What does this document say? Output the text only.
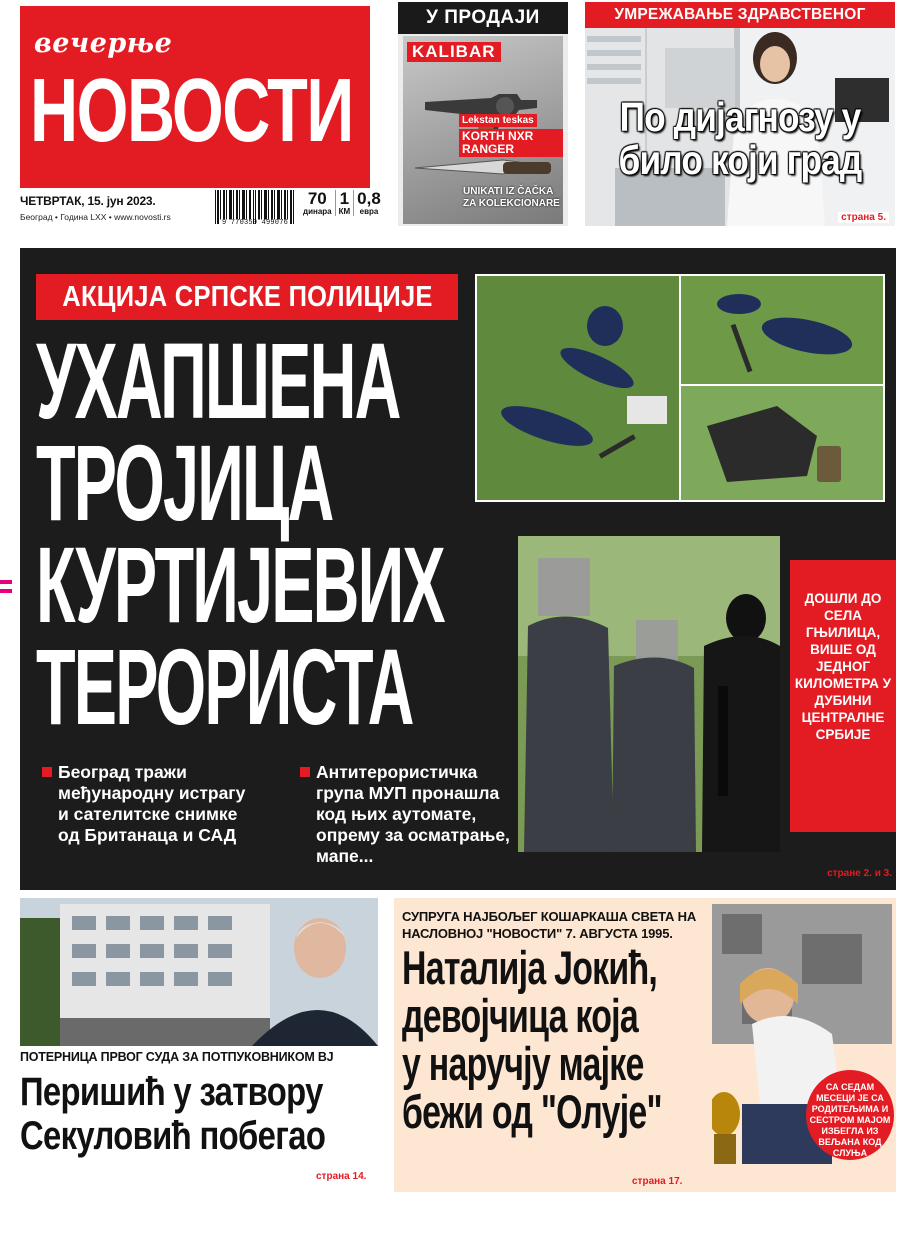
вечерње
НОВОСТИ
ЧЕТВРТАК, 15. јун 2023.
Београд • Година LXX • www.novosti.rs
9 770350 499076
70
динара
1
КМ
0,8
евра
У ПРОДАЈИ
KALIBAR
Lekstan teskas
KORTH NXR RANGER
UNIKATI IZ ČAČKA ZA KOLEKCIONARE
УМРЕЖАВАЊЕ ЗДРАВСТВЕНОГ
По дијагнозу у
било који град
страна 5.
АКЦИЈА СРПСКЕ ПОЛИЦИЈЕ
УХАПШЕНА
ТРОЈИЦА
КУРТИЈЕВИХ
ТЕРОРИСТА
ДОШЛИ ДО СЕЛА ГЊИЛИЦА, ВИШЕ ОД ЈЕДНОГ КИЛОМЕТРА У ДУБИНИ ЦЕНТРАЛНЕ СРБИЈЕ
Београд тражи међународну истрагу и сателитске снимке од Британаца и САД
Антитерористичка група МУП пронашла код њих аутомате, опрему за осматрање, мапе...
стране 2. и 3.
ПОТЕРНИЦА ПРВОГ СУДА ЗА ПОТПУКОВНИКОМ ВЈ
Перишић у затвору
Секуловић побегао
страна 14.
СУПРУГА НАЈБОЉЕГ КОШАРКАША СВЕТА НА НАСЛОВНОЈ "НОВОСТИ" 7. АВГУСТА 1995.
Наталија Јокић,
девојчица која
у наручју мајке
бежи од "Олује"	СА СЕДАМ МЕСЕЦИ ЈЕ СА РОДИТЕЉИМА И СЕСТРОМ МАЈОМ ИЗБЕГЛА ИЗ ВЕЉАНА КОД СЛУЊА
страна 17.
